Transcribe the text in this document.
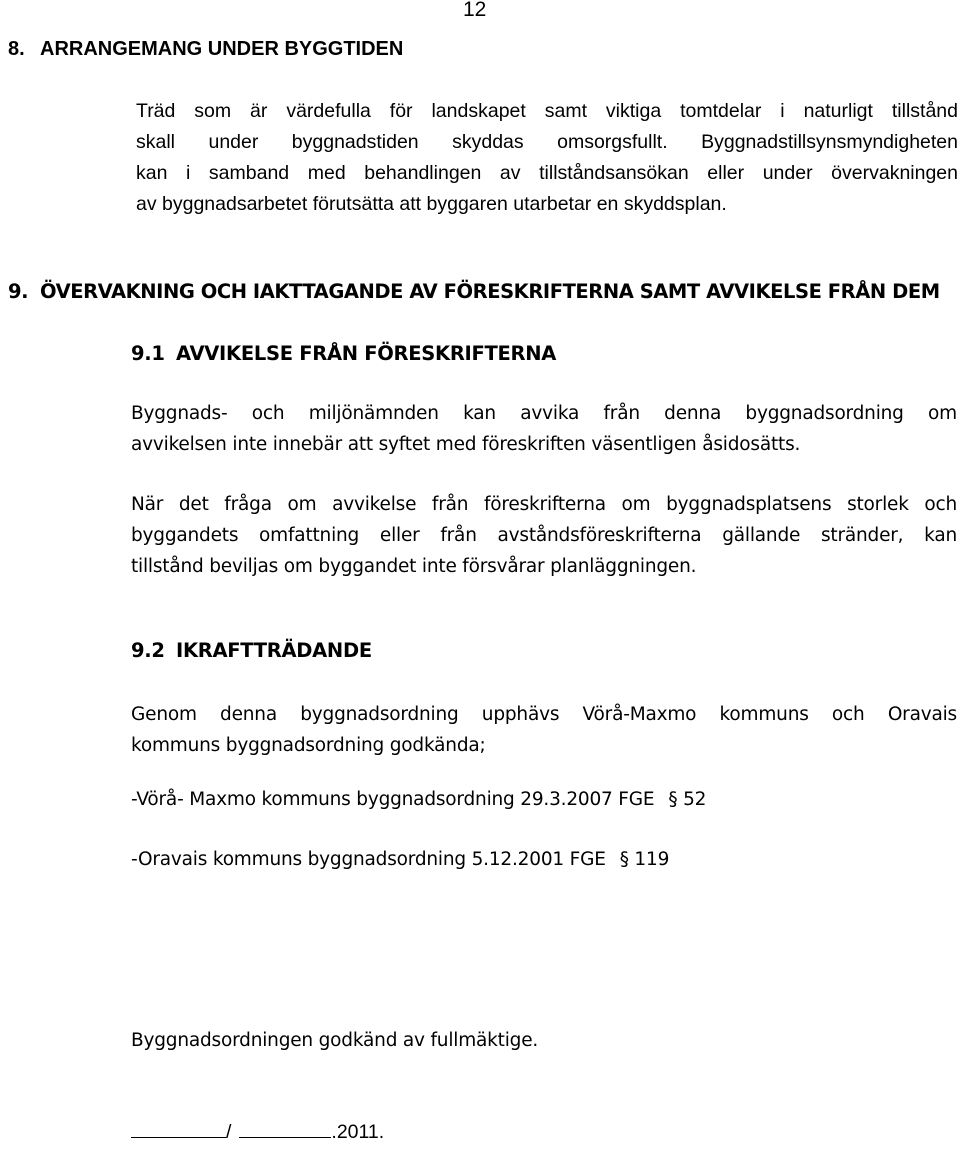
12
8. ARRANGEMANG UNDER BYGGTIDEN
Träd som är värdefulla för landskapet samt viktiga tomtdelar i naturligt tillstånd
skall under byggnadstiden skyddas omsorgsfullt. Byggnadstillsynsmyndigheten
kan i samband med behandlingen av tillståndsansökan eller under övervakningen
av byggnadsarbetet förutsätta att byggaren utarbetar en skyddsplan.
9. ÖVERVAKNING OCH IAKTTAGANDE AV FÖRESKRIFTERNA SAMT AVVIKELSE FRÅN DEM
9.1 AVVIKELSE FRÅN FÖRESKRIFTERNA
Byggnads- och miljönämnden kan avvika från denna byggnadsordning om
avvikelsen inte innebär att syftet med föreskriften väsentligen åsidosätts.
När det fråga om avvikelse från föreskrifterna om byggnadsplatsens storlek och
byggandets omfattning eller från avståndsföreskrifterna gällande stränder, kan
tillstånd beviljas om byggandet inte försvårar planläggningen.
9.2 IKRAFTTRÄDANDE
Genom denna byggnadsordning upphävs Vörå-Maxmo kommuns och Oravais
kommuns byggnadsordning godkända;
-Vörå- Maxmo kommuns byggnadsordning 29.3.2007 FGE § 52
-Oravais kommuns byggnadsordning 5.12.2001 FGE § 119
Byggnadsordningen godkänd av fullmäktige.
/	.2011.
